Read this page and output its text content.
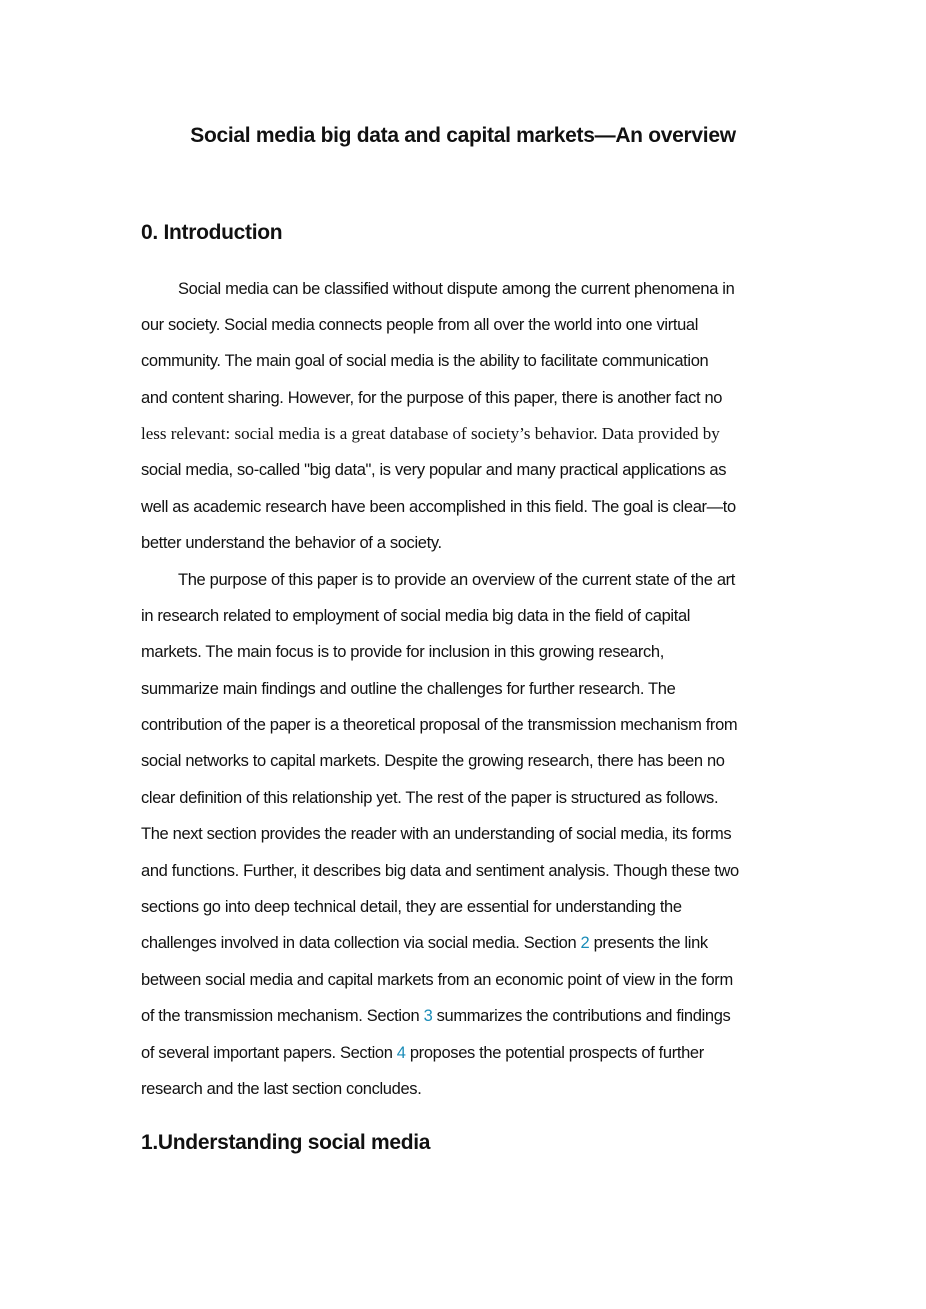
Social media big data and capital markets—An overview
0. Introduction
Social media can be classified without dispute among the current phenomena in
our society. Social media connects people from all over the world into one virtual
community. The main goal of social media is the ability to facilitate communication
and content sharing. However, for the purpose of this paper, there is another fact no
less relevant: social media is a great database of society’s behavior. Data provided by
social media, so-called "big data", is very popular and many practical applications as
well as academic research have been accomplished in this field. The goal is clear—to
better understand the behavior of a society.
The purpose of this paper is to provide an overview of the current state of the art
in research related to employment of social media big data in the field of capital
markets. The main focus is to provide for inclusion in this growing research,
summarize main findings and outline the challenges for further research. The
contribution of the paper is a theoretical proposal of the transmission mechanism from
social networks to capital markets. Despite the growing research, there has been no
clear definition of this relationship yet. The rest of the paper is structured as follows.
The next section provides the reader with an understanding of social media, its forms
and functions. Further, it describes big data and sentiment analysis. Though these two
sections go into deep technical detail, they are essential for understanding the
challenges involved in data collection via social media. Section 2 presents the link
between social media and capital markets from an economic point of view in the form
of the transmission mechanism. Section 3 summarizes the contributions and findings
of several important papers. Section 4 proposes the potential prospects of further
research and the last section concludes.
1.Understanding social media
